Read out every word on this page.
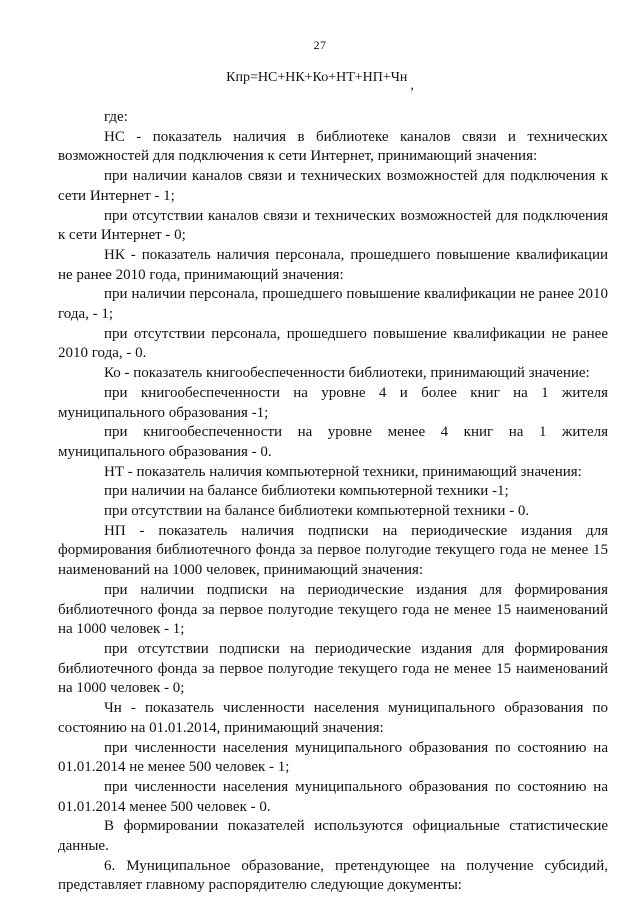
27
Кпр=НС+НК+Ко+НТ+НП+Чн,

где:

НС - показатель наличия в библиотеке каналов связи и технических возможностей для подключения к сети Интернет, принимающий значения:

при наличии каналов связи и технических возможностей для подключения к сети Интернет - 1;

при отсутствии каналов связи и технических возможностей для подключения к сети Интернет - 0;

НК - показатель наличия персонала, прошедшего повышение квалификации не ранее 2010 года, принимающий значения:

при наличии персонала, прошедшего повышение квалификации не ранее 2010 года, - 1;

при отсутствии персонала, прошедшего повышение квалификации не ранее 2010 года, - 0.

Ко - показатель книгообеспеченности библиотеки, принимающий значение:

при книгообеспеченности на уровне 4 и более книг на 1 жителя муниципального образования -1;

при книгообеспеченности на уровне менее 4 книг на 1 жителя муниципального образования - 0.

НТ - показатель наличия компьютерной техники, принимающий значения:

при наличии на балансе библиотеки компьютерной техники -1;

при отсутствии на балансе библиотеки компьютерной техники - 0.

НП - показатель наличия подписки на периодические издания для формирования библиотечного фонда за первое полугодие текущего года не менее 15 наименований на 1000 человек, принимающий значения:

при наличии подписки на периодические издания для формирования библиотечного фонда за первое полугодие текущего года не менее 15 наименований на 1000 человек - 1;

при отсутствии подписки на периодические издания для формирования библиотечного фонда за первое полугодие текущего года не менее 15 наименований на 1000 человек - 0;

Чн - показатель численности населения муниципального образования по состоянию на 01.01.2014, принимающий значения:

при численности населения муниципального образования по состоянию на 01.01.2014 не менее 500 человек - 1;

при численности населения муниципального образования по состоянию на 01.01.2014 менее 500 человек - 0.

В формировании показателей используются официальные статистические данные.

6. Муниципальное образование, претендующее на получение субсидий, представляет главному распорядителю следующие документы:
